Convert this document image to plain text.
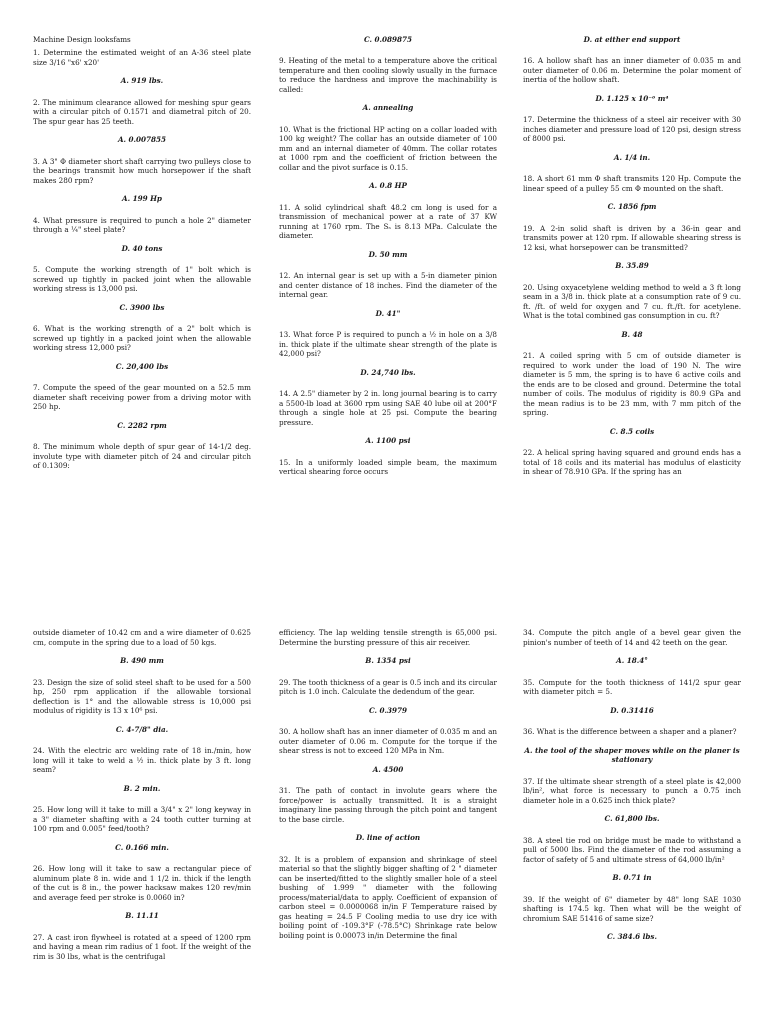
Machine Design looksfams	C. 0.089875	D. at either end support

1. Determine the estimated weight of an A-36 steel plate size 3/16 "x6' x20'

A. 919 lbs.

2. The minimum clearance allowed for meshing spur gears with a circular pitch of 0.1571 and diametral pitch of 20. The spur gear has 25 teeth.

A. 0.007855

3. A 3" Φ diameter short shaft carrying two pulleys close to the bearings transmit how much horsepower if the shaft makes 280 rpm?

A. 199 Hp

4. What pressure is required to punch a hole 2" diameter through a ¼" steel plate?

D. 40 tons

5. Compute the working strength of 1" bolt which is screwed up tightly in packed joint when the allowable working stress is 13,000 psi.

C. 3900 lbs

6. What is the working strength of a 2" bolt which is screwed up tightly in a packed joint when the allowable working stress 12,000 psi?

C. 20,400 lbs

7. Compute the speed of the gear mounted on a 52.5 mm diameter shaft receiving power from a driving motor with 250 hp.

C. 2282 rpm

8. The minimum whole depth of spur gear of 14-1/2 deg. involute type with diameter pitch of 24 and circular pitch of 0.1309:

9. Heating of the metal to a temperature above the critical temperature and then cooling slowly usually in the furnace to reduce the hardness and improve the machinability is called:

A. annealing

10. What is the frictional HP acting on a collar loaded with 100 kg weight? The collar has an outside diameter of 100 mm and an internal diameter of 40mm. The collar rotates at 1000 rpm and the coefficient of friction between the collar and the pivot surface is 0.15.

A. 0.8 HP

11. A solid cylindrical shaft 48.2 cm long is used for a transmission of mechanical power at a rate of 37 KW running at 1760 rpm. The Sₛ is 8.13 MPa. Calculate the diameter.

D. 50 mm

12. An internal gear is set up with a 5-in diameter pinion and center distance of 18 inches. Find the diameter of the internal gear.

D. 41"

13. What force P is required to punch a ½ in hole on a 3/8 in. thick plate if the ultimate shear strength of the plate is 42,000 psi?

D. 24,740 lbs.

14. A 2.5" diameter by 2 in. long journal bearing is to carry a 5500-lb load at 3600 rpm using SAE 40 lube oil at 200°F through a single hole at 25 psi. Compute the bearing pressure.

A. 1100 psi

15. In a uniformly loaded simple beam, the maximum vertical shearing force occurs

16. A hollow shaft has an inner diameter of 0.035 m and outer diameter of 0.06 m. Determine the polar moment of inertia of the hollow shaft.

D. 1.125 x 10⁻⁶ m⁴

17. Determine the thickness of a steel air receiver with 30 inches diameter and pressure load of 120 psi, design stress of 8000 psi.

A. 1/4 in.

18. A short 61 mm Φ shaft transmits 120 Hp. Compute the linear speed of a pulley 55 cm Φ mounted on the shaft.

C. 1856 fpm

19. A 2-in solid shaft is driven by a 36-in gear and transmits power at 120 rpm. If allowable shearing stress is 12 ksi, what horsepower can be transmitted?

B. 35.89

20. Using oxyacetylene welding method to weld a 3 ft long seam in a 3/8 in. thick plate at a consumption rate of 9 cu. ft. /ft. of weld for oxygen and 7 cu. ft./ft. for acetylene. What is the total combined gas consumption in cu. ft?

B. 48

21. A coiled spring with 5 cm of outside diameter is required to work under the load of 190 N. The wire diameter is 5 mm, the spring is to have 6 active coils and the ends are to be closed and ground. Determine the total number of coils. The modulus of rigidity is 80.9 GPa and the mean radius is to be 23 mm, with 7 mm pitch of the spring.

C. 8.5 coils

22. A helical spring having squared and ground ends has a total of 18 coils and its material has modulus of elasticity in shear of 78.910 GPa. If the spring has an

outside diameter of 10.42 cm and a wire diameter of 0.625 cm, compute in the spring due to a load of 50 kgs.

B. 490 mm

23. Design the size of solid steel shaft to be used for a 500 hp, 250 rpm application if the allowable torsional deflection is 1° and the allowable stress is 10,000 psi modulus of rigidity is 13 x 10⁶ psi.

C. 4-7/8" dia.

24. With the electric arc welding rate of 18 in./min, how long will it take to weld a ½ in. thick plate by 3 ft. long seam?

B. 2 min.

25. How long will it take to mill a 3/4" x 2" long keyway in a 3" diameter shafting with a 24 tooth cutter turning at 100 rpm and 0.005" feed/tooth?

C. 0.166 min.

26. How long will it take to saw a rectangular piece of aluminum plate 8 in. wide and 1 1/2 in. thick if the length of the cut is 8 in., the power hacksaw makes 120 rev/min and average feed per stroke is 0.0060 in?

B. 11.11

27. A cast iron flywheel is rotated at a speed of 1200 rpm and having a mean rim radius of 1 foot. If the weight of the rim is 30 lbs, what is the centrifugal

efficiency. The lap welding tensile strength is 65,000 psi. Determine the bursting pressure of this air receiver.

B. 1354 psi

29. The tooth thickness of a gear is 0.5 inch and its circular pitch is 1.0 inch. Calculate the dedendum of the gear.

C. 0.3979

30. A hollow shaft has an inner diameter of 0.035 m and an outer diameter of 0.06 m. Compute for the torque if the shear stress is not to exceed 120 MPa in Nm.

A. 4500

31. The path of contact in involute gears where the force/power is actually transmitted. It is a straight imaginary line passing through the pitch point and tangent to the base circle.

D. line of action

32. It is a problem of expansion and shrinkage of steel material so that the slightly bigger shafting of 2 " diameter can be inserted/fitted to the slightly smaller hole of a steel bushing of 1.999 " diameter with the following process/material/data to apply. Coefficient of expansion of carbon steel = 0.0000068 in/in F Temperature raised by gas heating = 24.5 F Cooling media to use dry ice with boiling point of -109.3°F (-78.5°C) Shrinkage rate below boiling point is 0.00073 in/in Determine the final

34. Compute the pitch angle of a bevel gear given the pinion's number of teeth of 14 and 42 teeth on the gear.

A. 18.4°

35. Compute for the tooth thickness of 141/2 spur gear with diameter pitch = 5.

D. 0.31416

36. What is the difference between a shaper and a planer?

A. the tool of the shaper moves while on the planer is stationary

37. If the ultimate shear strength of a steel plate is 42,000 lb/in², what force is necessary to punch a 0.75 inch diameter hole in a 0.625 inch thick plate?

C. 61,800 lbs.

38. A steel tie rod on bridge must be made to withstand a pull of 5000 lbs. Find the diameter of the rod assuming a factor of safety of 5 and ultimate stress of 64,000 lb/in²

B. 0.71 in

39. If the weight of 6" diameter by 48" long SAE 1030 shafting is 174.5 kg. Then what will be the weight of chromium SAE 51416 of same size?

C. 384.6 lbs.
